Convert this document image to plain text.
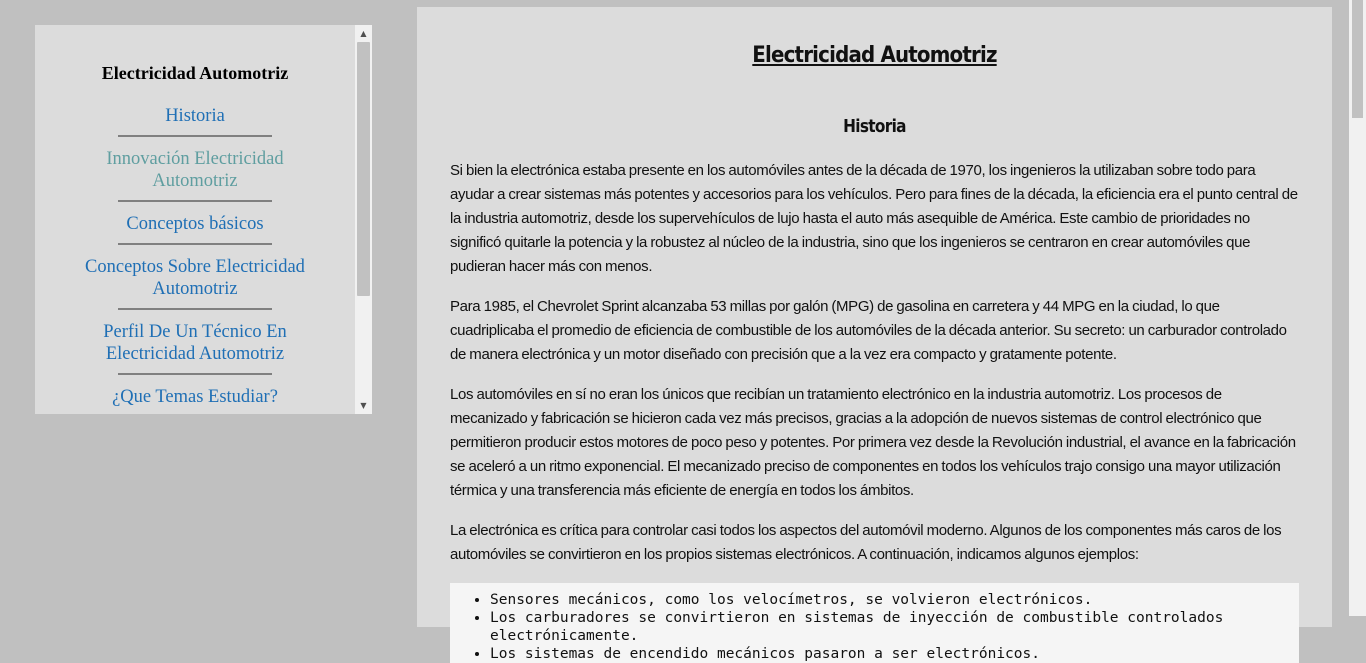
Electricidad Automotriz
Historia
Innovación Electricidad Automotriz
Conceptos básicos
Conceptos Sobre Electricidad Automotriz
Perfil De Un Técnico En Electricidad Automotriz
¿Que Temas Estudiar?
▲
▼
Electricidad Automotriz
Historia

Si bien la electrónica estaba presente en los automóviles antes de la década de 1970, los ingenieros la utilizaban sobre todo para ayudar a crear sistemas más potentes y accesorios para los vehículos. Pero para fines de la década, la eficiencia era el punto central de la industria automotriz, desde los supervehículos de lujo hasta el auto más asequible de América. Este cambio de prioridades no significó quitarle la potencia y la robustez al núcleo de la industria, sino que los ingenieros se centraron en crear automóviles que pudieran hacer más con menos.

Para 1985, el Chevrolet Sprint alcanzaba 53 millas por galón (MPG) de gasolina en carretera y 44 MPG en la ciudad, lo que cuadriplicaba el promedio de eficiencia de combustible de los automóviles de la década anterior. Su secreto: un carburador controlado de manera electrónica y un motor diseñado con precisión que a la vez era compacto y gratamente potente.

Los automóviles en sí no eran los únicos que recibían un tratamiento electrónico en la industria automotriz. Los procesos de mecanizado y fabricación se hicieron cada vez más precisos, gracias a la adopción de nuevos sistemas de control electrónico que permitieron producir estos motores de poco peso y potentes. Por primera vez desde la Revolución industrial, el avance en la fabricación se aceleró a un ritmo exponencial. El mecanizado preciso de componentes en todos los vehículos trajo consigo una mayor utilización térmica y una transferencia más eficiente de energía en todos los ámbitos.

La electrónica es crítica para controlar casi todos los aspectos del automóvil moderno. Algunos de los componentes más caros de los automóviles se convirtieron en los propios sistemas electrónicos. A continuación, indicamos algunos ejemplos:

• Sensores mecánicos, como los velocímetros, se volvieron electrónicos.
• Los carburadores se convirtieron en sistemas de inyección de combustible controlados electrónicamente.
• Los sistemas de encendido mecánicos pasaron a ser electrónicos.
